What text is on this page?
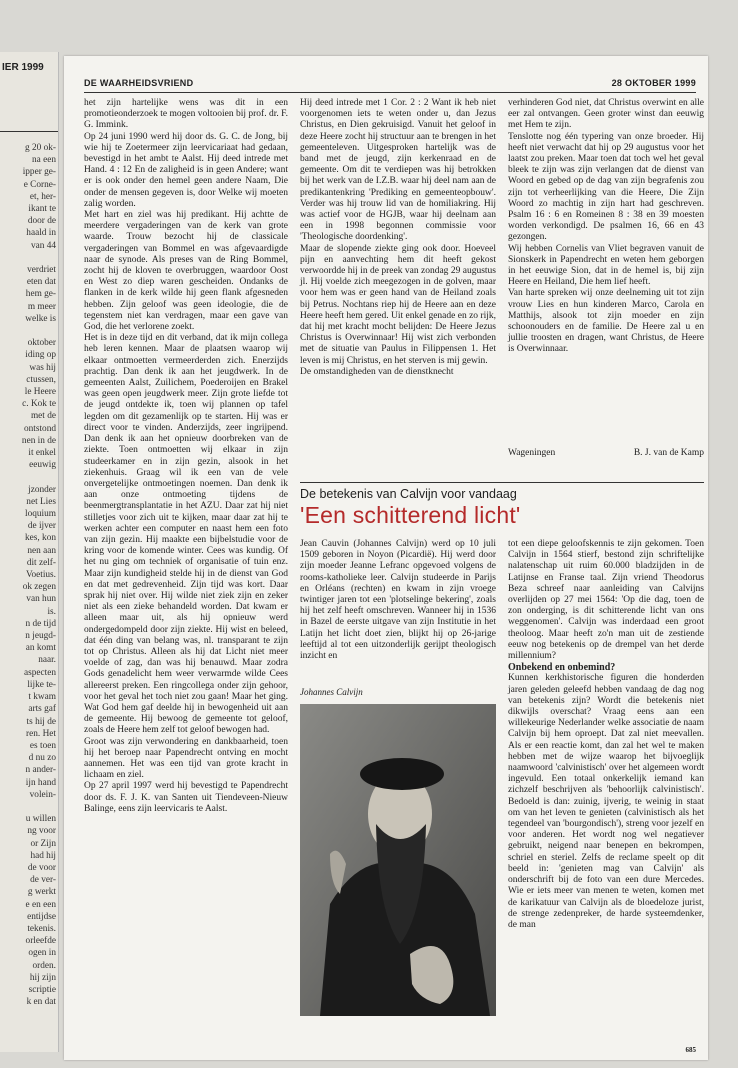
IER 1999
g 20 ok-
na een
ipper ge-
e Corne-
et, her-
ikant te
door de
haald in
van 44
verdriet
eten dat
hem ge-
m meer
welke is
oktober
iding op
was hij
ctussen,
le Heere
c. Kok te
met de
ontstond
nen in de
it enkel
eeuwig
jzonder
net Lies
loquium
de ijver
kes, kon
nen aan
dit zelf-
Voetius.
ok zegen
van hun
is.
n de tijd
n jeugd-
an komt
naar.
aspecten
lijke te-
t kwam
arts gaf
ts hij de
ren. Het
es toen
d nu zo
n ander-
ijn hand
volein-
u willen
ng voor
or Zijn
had hij
de voor
de ver-
g werkt
e en een
entijdse
tekenis.
orleefde
ogen in
orden.
hij zijn
scriptie
k en dat
DE WAARHEIDSVRIEND	28 OKTOBER 1999

het zijn hartelijke wens was dit in een promotieonderzoek te mogen voltooien bij prof. dr. F. G. Immink.

Op 24 juni 1990 werd hij door ds. G. C. de Jong, bij wie hij te Zoetermeer zijn leervicariaat had gedaan, bevestigd in het ambt te Aalst. Hij deed intrede met Hand. 4 : 12 En de zaligheid is in geen Andere; want er is ook onder den hemel geen andere Naam, Die onder de mensen gegeven is, door Welke wij moeten zalig worden.

Met hart en ziel was hij predikant. Hij achtte de meerdere vergaderingen van de kerk van grote waarde. Trouw bezocht hij de classicale vergaderingen van Bommel en was afgevaardigde naar de synode. Als preses van de Ring Bommel, zocht hij de kloven te overbruggen, waardoor Oost en West zo diep waren gescheiden. Ondanks de flanken in de kerk wilde hij geen flank afgesneden hebben. Zijn geloof was geen ideologie, die de tegenstem niet kan verdragen, maar een gave van God, die het verlorene zoekt.

Het is in deze tijd en dit verband, dat ik mijn collega heb leren kennen. Maar de plaatsen waarop wij elkaar ontmoetten vermeerderden zich. Enerzijds prachtig. Dan denk ik aan het jeugdwerk. In de gemeenten Aalst, Zuilichem, Poederoijen en Brakel was geen open jeugdwerk meer. Zijn grote liefde tot de jeugd ontdekte ik, toen wij plannen op tafel legden om dit gezamenlijk op te starten. Hij was er direct voor te vinden. Anderzijds, zeer ingrijpend. Dan denk ik aan het opnieuw doorbreken van de ziekte. Toen ontmoetten wij elkaar in zijn studeerkamer en in zijn gezin, alsook in het ziekenhuis. Graag wil ik een van de vele onvergetelijke ontmoetingen noemen. Dan denk ik aan onze ontmoeting tijdens de beenmergtransplantatie in het AZU. Daar zat hij niet stilletjes voor zich uit te kijken, maar daar zat hij te werken achter een computer en naast hem een foto van zijn gezin. Hij maakte een bijbelstudie voor de kring voor de komende winter. Cees was kundig. Of het nu ging om techniek of organisatie of tuin enz. Maar zijn kundigheid stelde hij in de dienst van God en dat met gedrevenheid. Zijn tijd was kort. Daar sprak hij niet over. Hij wilde niet ziek zijn en zeker niet als een zieke behandeld worden. Dat kwam er alleen maar uit, als hij opnieuw werd ondergedompeld door zijn ziekte. Hij wist en beleed, dat één ding van belang was, nl. transparant te zijn tot op Christus. Alleen als hij dat Licht niet meer voelde of zag, dan was hij benauwd. Maar zodra Gods genadelicht hem weer verwarmde wilde Cees allereerst preken. Een ringcollega onder zijn gehoor, voor het geval het toch niet zou gaan! Maar het ging. Wat God hem gaf deelde hij in bewogenheid uit aan de gemeente. Hij bewoog de gemeente tot geloof, zoals de Heere hem zelf tot geloof bewogen had.

Groot was zijn verwondering en dankbaarheid, toen hij het beroep naar Papendrecht ontving en mocht aannemen. Het was een tijd van grote kracht in lichaam en ziel.

Op 27 april 1997 werd hij bevestigd te Papendrecht door ds. F. J. K. van Santen uit Tiendeveen-Nieuw Balinge, eens zijn leervicaris te Aalst.

Hij deed intrede met 1 Cor. 2 : 2 Want ik heb niet voorgenomen iets te weten onder u, dan Jezus Christus, en Dien gekruisigd. Vanuit het geloof in deze Heere zocht hij structuur aan te brengen in het gemeenteleven. Uitgesproken hartelijk was de band met de jeugd, zijn kerkenraad en de gemeente. Om dit te verdiepen was hij betrokken bij het werk van de I.Z.B. waar hij deel nam aan de predikantenkring 'Prediking en gemeenteopbouw'. Verder was hij trouw lid van de homiliakring. Hij was actief voor de HGJB, waar hij deelnam aan een in 1998 begonnen commissie voor 'Theologische doordenking'.

Maar de slopende ziekte ging ook door. Hoeveel pijn en aanvechting hem dit heeft gekost verwoordde hij in de preek van zondag 29 augustus jl. Hij voelde zich meegezogen in de golven, maar voor hem was er geen hand van de Heiland zoals bij Petrus. Nochtans riep hij de Heere aan en deze Heere heeft hem gered. Uit enkel genade en zo rijk, dat hij met kracht mocht belijden: De Heere Jezus Christus is Overwinnaar! Hij wist zich verbonden met de situatie van Paulus in Filippensen 1. Het leven is mij Christus, en het sterven is mij gewin.

De omstandigheden van de dienstknecht

verhinderen God niet, dat Christus overwint en alle eer zal ontvangen. Geen groter winst dan eeuwig met Hem te zijn.

Tenslotte nog één typering van onze broeder. Hij heeft niet verwacht dat hij op 29 augustus voor het laatst zou preken. Maar toen dat toch wel het geval bleek te zijn was zijn verlangen dat de dienst van Woord en gebed op de dag van zijn begrafenis zou zijn tot verheerlijking van die Heere, Die Zijn Woord zo machtig in zijn hart had geschreven. Psalm 16 : 6 en Romeinen 8 : 38 en 39 moesten worden verkondigd. De psalmen 16, 66 en 43 gezongen.

Wij hebben Cornelis van Vliet begraven vanuit de Sionskerk in Papendrecht en weten hem geborgen in het eeuwige Sion, dat in de hemel is, bij zijn Heere en Heiland, Die hem lief heeft.

Van harte spreken wij onze deelneming uit tot zijn vrouw Lies en hun kinderen Marco, Carola en Matthijs, alsook tot zijn moeder en zijn schoonouders en de familie. De Heere zal u en jullie troosten en dragen, want Christus, de Heere is Overwinnaar.

Wageningen	B. J. van de Kamp
De betekenis van Calvijn voor vandaag
'Een schitterend licht'

Jean Cauvin (Johannes Calvijn) werd op 10 juli 1509 geboren in Noyon (Picardië). Hij werd door zijn moeder Jeanne Lefranc opgevoed volgens de rooms-katholieke leer. Calvijn studeerde in Parijs en Orléans (rechten) en kwam in zijn vroege twintiger jaren tot een 'plotselinge bekering', zoals hij het zelf heeft omschreven. Wanneer hij in 1536 in Bazel de eerste uitgave van zijn Institutie in het Latijn het licht doet zien, blijkt hij op 26-jarige leeftijd al tot een uitzonderlijk gerijpt theologisch inzicht en

Johannes Calvijn

tot een diepe geloofskennis te zijn gekomen. Toen Calvijn in 1564 stierf, bestond zijn schriftelijke nalatenschap uit ruim 60.000 bladzijden in de Latijnse en Franse taal. Zijn vriend Theodorus Beza schreef naar aanleiding van Calvijns overlijden op 27 mei 1564: 'Op die dag, toen de zon onderging, is dit schitterende licht van ons weggenomen'. Calvijn was inderdaad een groot theoloog. Maar heeft zo'n man uit de zestiende eeuw nog betekenis op de drempel van het derde millennium?

Onbekend en onbemind?

Kunnen kerkhistorische figuren die honderden jaren geleden geleefd hebben vandaag de dag nog van betekenis zijn? Wordt die betekenis niet dikwijls overschat? Vraag eens aan een willekeurige Nederlander welke associatie de naam Calvijn bij hem oproept. Dat zal niet meevallen. Als er een reactie komt, dan zal het wel te maken hebben met de wijze waarop het bijvoeglijk naamwoord 'calvinistisch' over het algemeen wordt ingevuld. Een totaal onkerkelijk iemand kan zichzelf beschrijven als 'behoorlijk calvinistisch'. Bedoeld is dan: zuinig, ijverig, te weinig in staat om van het leven te genieten (calvinistisch als het tegendeel van 'bourgondisch'), streng voor jezelf en voor anderen. Het wordt nog wel negatiever gebruikt, neigend naar benepen en bekrompen, schriel en steriel. Zelfs de reclame speelt op dit beeld in: 'genieten mag van Calvijn' als onderschrift bij de foto van een dure Mercedes. Wie er iets meer van menen te weten, komen met de karikatuur van Calvijn als de bloedeloze jurist, de strenge zedenpreker, de harde systeemdenker, de man

685
